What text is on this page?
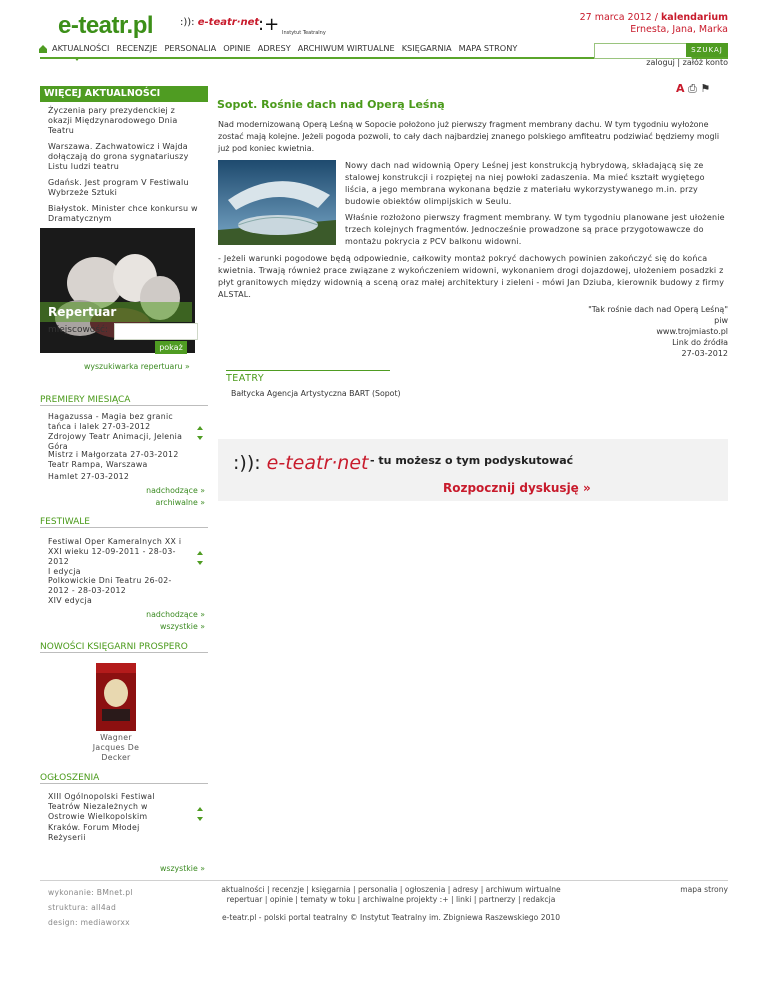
e-teatr.pl	:)): e-teatr·net
:+ Instytut Teatralny
27 marca 2012 / kalendarium
Ernesta, Jana, Marka
AKTUALNOŚCI RECENZJE PERSONALIA OPINIE ADRESY ARCHIWUM WIRTUALNE KSIĘGARNIA MAPA STRONY	SZUKAJ
zaloguj | załóż konto
WIĘCEJ AKTUALNOŚCI
Życzenia pary prezydenckiej z okazji Międzynarodowego Dnia Teatru
Warszawa. Zachwatowicz i Wajda dołączają do grona sygnatariuszy Listu ludzi teatru
Gdańsk. Jest program V Festiwalu Wybrzeże Sztuki
Białystok. Minister chce konkursu w Dramatycznym
Repertuar
miejscowość:
pokaż
wyszukiwarka repertuaru »
PREMIERY MIESIĄCA
Hagazussa - Magia bez granic tańca i lalek 27-03-2012
Zdrojowy Teatr Animacji, Jelenia Góra
Mistrz i Małgorzata 27-03-2012
Teatr Rampa, Warszawa
Hamlet 27-03-2012
nadchodzące »
archiwalne »
FESTIWALE
Festiwal Oper Kameralnych XX i XXI wieku 12-09-2011 - 28-03-2012
I edycja
Polkowickie Dni Teatru 26-02-2012 - 28-03-2012
XIV edycja
nadchodzące »
wszystkie »
NOWOŚCI KSIĘGARNI PROSPERO
Wagner
Jacques De Decker
OGŁOSZENIA
XIII Ogólnopolski Festiwal Teatrów Niezależnych w Ostrowie Wielkopolskim
Kraków. Forum Młodej Reżyserii
wszystkie »
A ⎙ ⚑
Sopot. Rośnie dach nad Operą Leśną
Nad modernizowaną Operą Leśną w Sopocie położono już pierwszy fragment membrany dachu. W tym tygodniu wyłożone zostać mają kolejne. Jeżeli pogoda pozwoli, to cały dach najbardziej znanego polskiego amfiteatru podziwiać będziemy mogli już pod koniec kwietnia.
Nowy dach nad widownią Opery Leśnej jest konstrukcją hybrydową, składającą się ze stalowej konstrukcji i rozpiętej na niej powłoki zadaszenia. Ma mieć kształt wygiętego liścia, a jego membrana wykonana będzie z materiału wykorzystywanego m.in. przy budowie obiektów olimpijskich w Seulu.
Właśnie rozłożono pierwszy fragment membrany. W tym tygodniu planowane jest ułożenie trzech kolejnych fragmentów. Jednocześnie prowadzone są prace przygotowawcze do montażu pokrycia z PCV balkonu widowni.
- Jeżeli warunki pogodowe będą odpowiednie, całkowity montaż pokryć dachowych powinien zakończyć się do końca kwietnia. Trwają również prace związane z wykończeniem widowni, wykonaniem drogi dojazdowej, ułożeniem posadzki z płyt granitowych między widownią a sceną oraz małej architektury i zieleni - mówi Jan Dziuba, kierownik budowy z firmy ALSTAL.
"Tak rośnie dach nad Operą Leśną"
piw
www.trojmiasto.pl
Link do źródła
27-03-2012
TEATRY
Bałtycka Agencja Artystyczna BART (Sopot)
:)): e-teatr·net - tu możesz o tym podyskutować
Rozpocznij dyskusję »
wykonanie: BMnet.pl
struktura: all4ad
design: mediaworxx
aktualności | recenzje | księgarnia | personalia | ogłoszenia | adresy | archiwum wirtualne
repertuar | opinie | tematy w toku | archiwalne projekty :+ | linki | partnerzy | redakcja
e-teatr.pl - polski portal teatralny © Instytut Teatralny im. Zbigniewa Raszewskiego 2010
mapa strony
